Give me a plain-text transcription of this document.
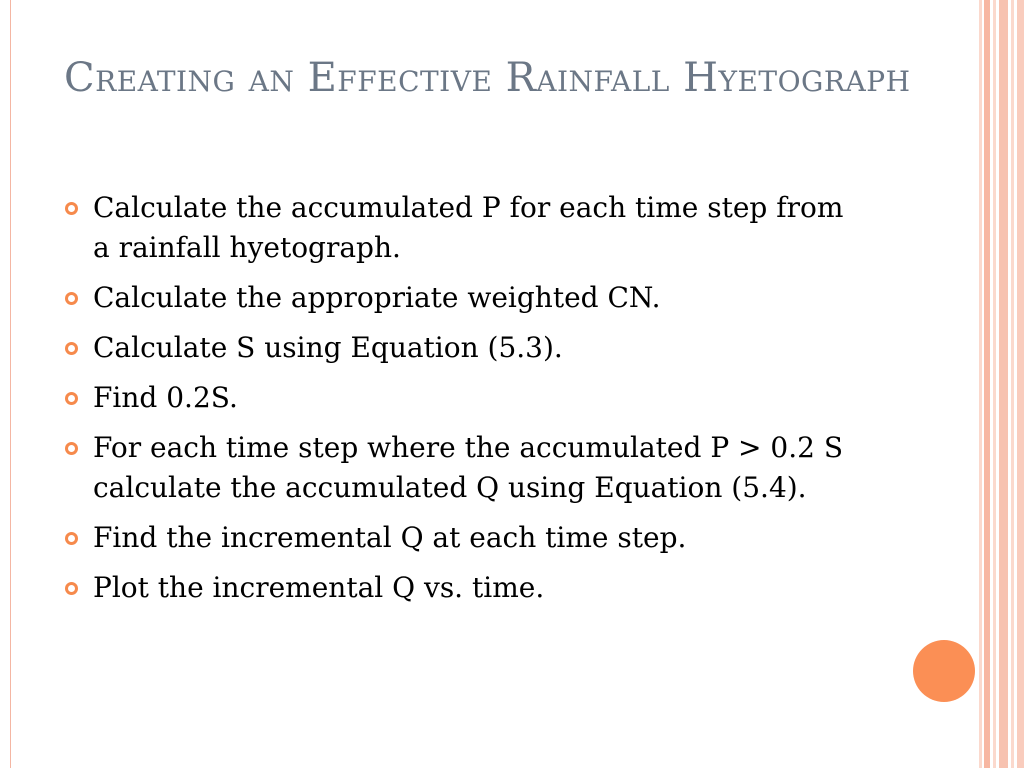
Creating an Effective Rainfall Hyetograph
Calculate the accumulated P for each time step from a rainfall hyetograph.
Calculate the appropriate weighted CN.
Calculate S using Equation (5.3).
Find 0.2S.
For each time step where the accumulated P > 0.2 S calculate the accumulated Q using Equation (5.4).
Find the incremental Q at each time step.
Plot the incremental Q vs. time.
